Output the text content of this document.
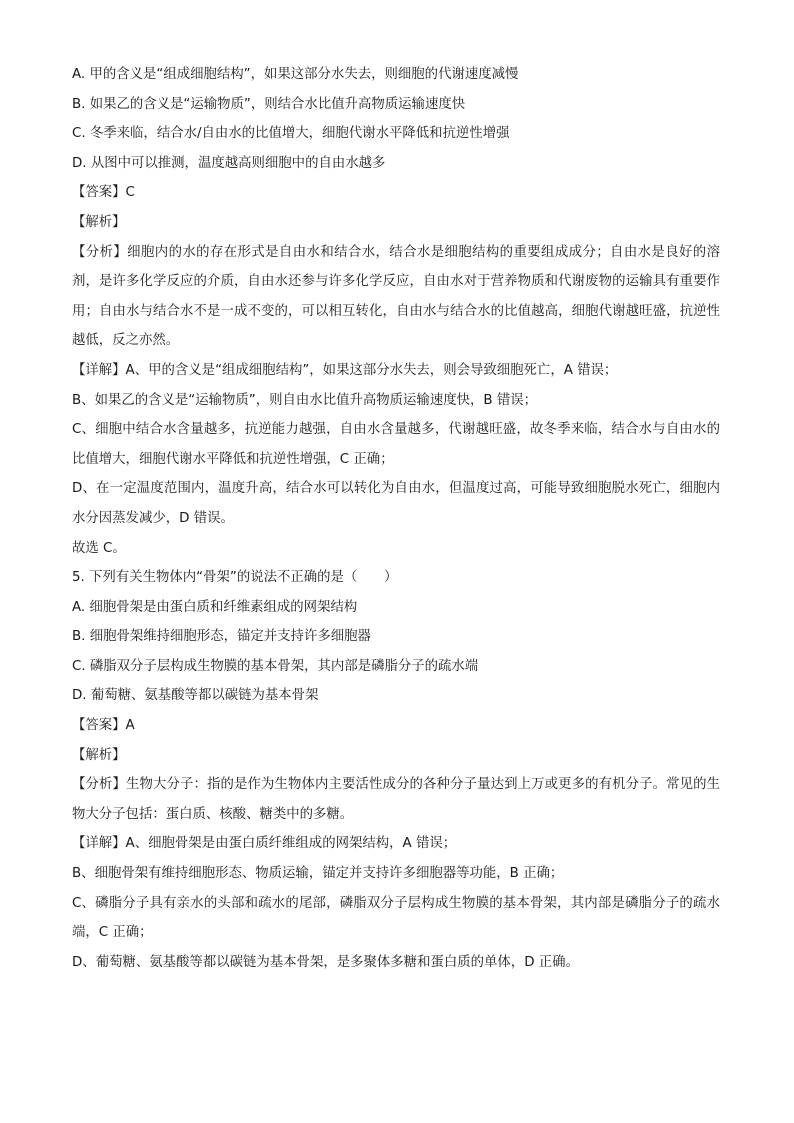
A. 甲的含义是“组成细胞结构”，如果这部分水失去，则细胞的代谢速度减慢

B. 如果乙的含义是“运输物质”，则结合水比值升高物质运输速度快

C. 冬季来临，结合水/自由水的比值增大，细胞代谢水平降低和抗逆性增强

D. 从图中可以推测，温度越高则细胞中的自由水越多

【答案】C

【解析】

【分析】细胞内的水的存在形式是自由水和结合水，结合水是细胞结构的重要组成成分；自由水是良好的溶剂，是许多化学反应的介质，自由水还参与许多化学反应，自由水对于营养物质和代谢废物的运输具有重要作用；自由水与结合水不是一成不变的，可以相互转化，自由水与结合水的比值越高，细胞代谢越旺盛，抗逆性越低，反之亦然。

【详解】A、甲的含义是“组成细胞结构”，如果这部分水失去，则会导致细胞死亡，A 错误；

B、如果乙的含义是“运输物质”，则自由水比值升高物质运输速度快，B 错误；

C、细胞中结合水含量越多，抗逆能力越强，自由水含量越多，代谢越旺盛，故冬季来临，结合水与自由水的比值增大，细胞代谢水平降低和抗逆性增强，C 正确；

D、在一定温度范围内，温度升高，结合水可以转化为自由水，但温度过高，可能导致细胞脱水死亡，细胞内水分因蒸发减少，D 错误。

故选 C。

5. 下列有关生物体内“骨架”的说法不正确的是（　　）

A. 细胞骨架是由蛋白质和纤维素组成的网架结构

B. 细胞骨架维持细胞形态，锚定并支持许多细胞器

C. 磷脂双分子层构成生物膜的基本骨架，其内部是磷脂分子的疏水端

D. 葡萄糖、氨基酸等都以碳链为基本骨架

【答案】A

【解析】

【分析】生物大分子：指的是作为生物体内主要活性成分的各种分子量达到上万或更多的有机分子。常见的生物大分子包括：蛋白质、核酸、糖类中的多糖。

【详解】A、细胞骨架是由蛋白质纤维组成的网架结构，A 错误；

B、细胞骨架有维持细胞形态、物质运输，锚定并支持许多细胞器等功能，B 正确；

C、磷脂分子具有亲水的头部和疏水的尾部，磷脂双分子层构成生物膜的基本骨架，其内部是磷脂分子的疏水端，C 正确；

D、葡萄糖、氨基酸等都以碳链为基本骨架，是多聚体多糖和蛋白质的单体，D 正确。
